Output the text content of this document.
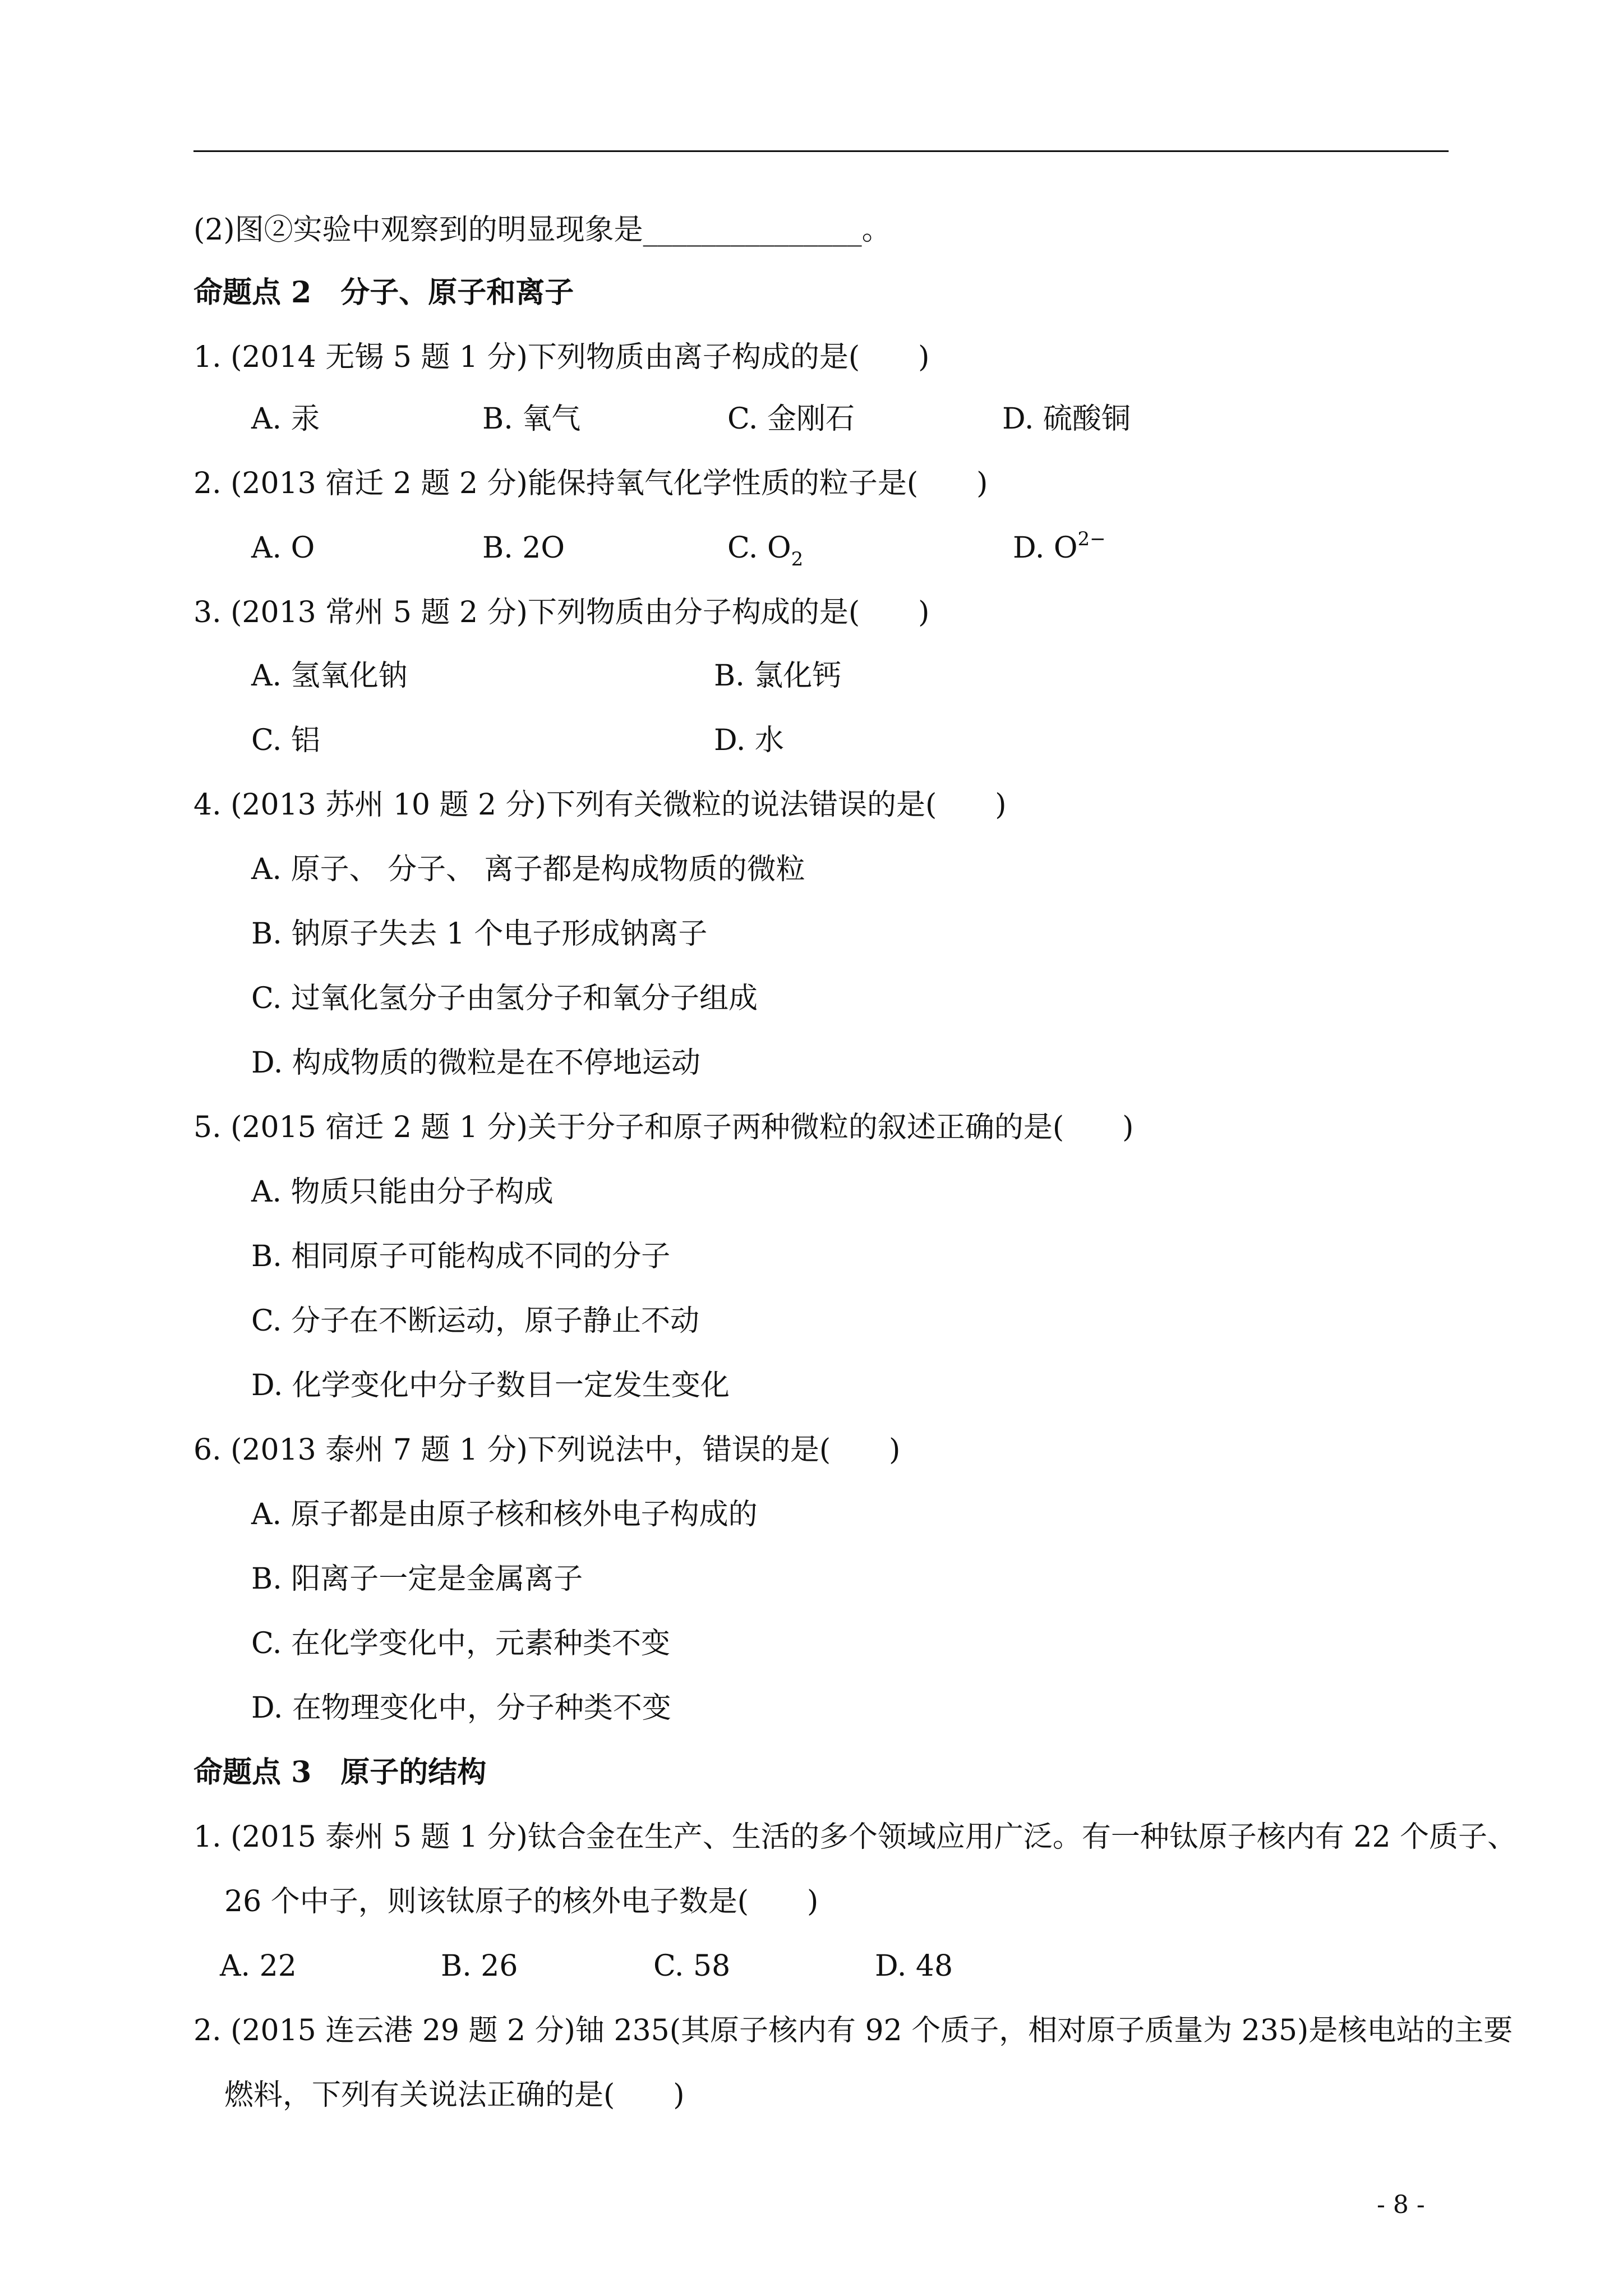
(2)图②实验中观察到的明显现象是_______________。
命题点 2　分子、原子和离子
1. (2014 无锡 5 题 1 分)下列物质由离子构成的是(　　)
A. 汞	B. 氧气	C. 金刚石	D. 硫酸铜
2. (2013 宿迁 2 题 2 分)能保持氧气化学性质的粒子是(　　)
A. O	B. 2O	C. $O_2$	D. $O^{2-}$
3. (2013 常州 5 题 2 分)下列物质由分子构成的是(　　)
A. 氢氧化钠	B. 氯化钙
C. 铝	D. 水
4. (2013 苏州 10 题 2 分)下列有关微粒的说法错误的是(　　)
A. 原子、 分子、 离子都是构成物质的微粒
B. 钠原子失去 1 个电子形成钠离子
C. 过氧化氢分子由氢分子和氧分子组成
D. 构成物质的微粒是在不停地运动
5. (2015 宿迁 2 题 1 分)关于分子和原子两种微粒的叙述正确的是(　　)
A. 物质只能由分子构成
B. 相同原子可能构成不同的分子
C. 分子在不断运动，原子静止不动
D. 化学变化中分子数目一定发生变化
6. (2013 泰州 7 题 1 分)下列说法中，错误的是(　　)
A. 原子都是由原子核和核外电子构成的
B. 阳离子一定是金属离子
C. 在化学变化中，元素种类不变
D. 在物理变化中，分子种类不变
命题点 3　原子的结构
1. (2015 泰州 5 题 1 分)钛合金在生产、生活的多个领域应用广泛。有一种钛原子核内有 22 个质子、
26 个中子，则该钛原子的核外电子数是(　　)
A. 22	B. 26	C. 58	D. 48
2. (2015 连云港 29 题 2 分)铀 235(其原子核内有 92 个质子，相对原子质量为 235)是核电站的主要
燃料，下列有关说法正确的是(　　)
- 8 -
